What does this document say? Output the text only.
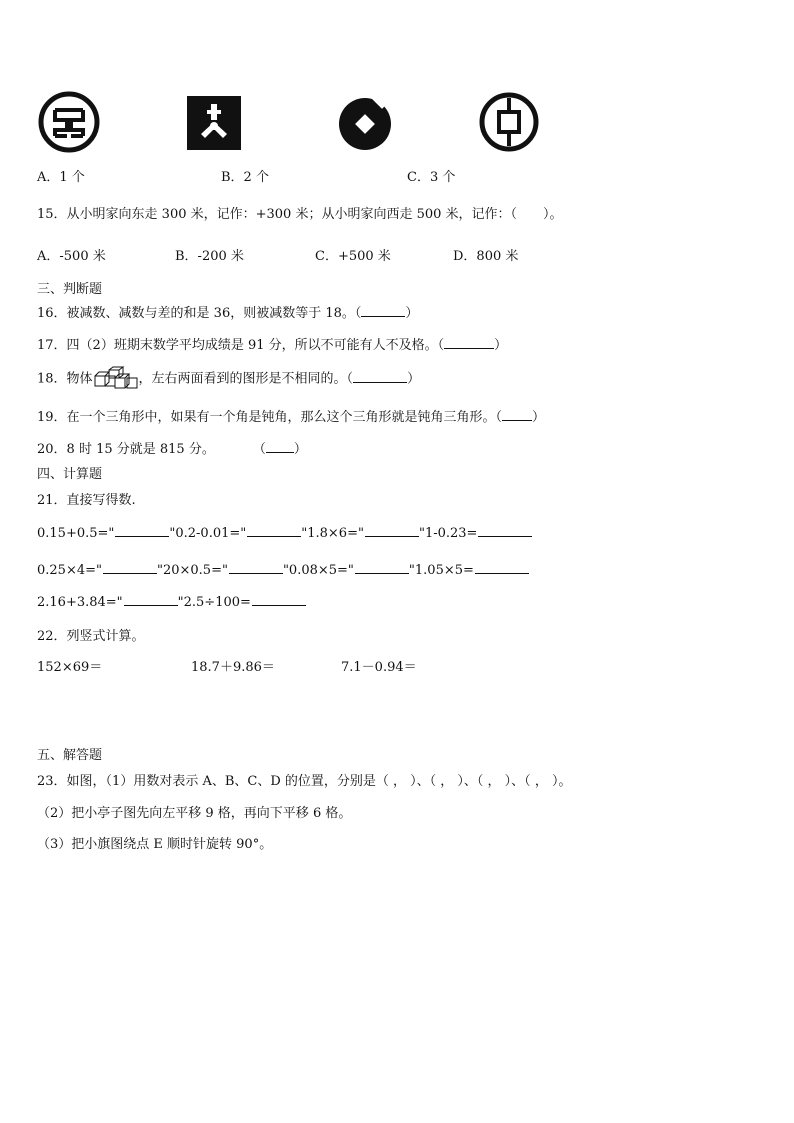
A．1 个	B．2 个	C．3 个
15．从小明家向东走 300 米，记作：+300 米；从小明家向西走 500 米，记作：（　　）。
A．-500 米	B．-200 米	C．+500 米	D．800 米
三、判断题
16．被减数、减数与差的和是 36，则被减数等于 18。（	）
17．四（2）班期末数学平均成绩是 91 分，所以不可能有人不及格。（	）
18．物体	，左右两面看到的图形是不相同的。（	）
19．在一个三角形中，如果有一个角是钝角，那么这个三角形就是钝角三角形。（ ）
20．8 时 15 分就是 815 分。	（ ）
四、计算题
21．直接写得数.
0.15+0.5="	"0.2-0.01="	"1.8×6="	"1-0.23=
0.25×4="	"20×0.5="	"0.08×5="	"1.05×5=
2.16+3.84="	"2.5÷100=
22．列竖式计算。
152×69＝	18.7＋9.86＝	7.1－0.94＝
五、解答题
23．如图，（1）用数对表示 A、B、C、D 的位置，分别是（ ， ）、（ ， ）、（ ， ）、（ ， ）。
（2）把小亭子图先向左平移 9 格，再向下平移 6 格。
（3）把小旗图绕点 E 顺时针旋转 90°。
